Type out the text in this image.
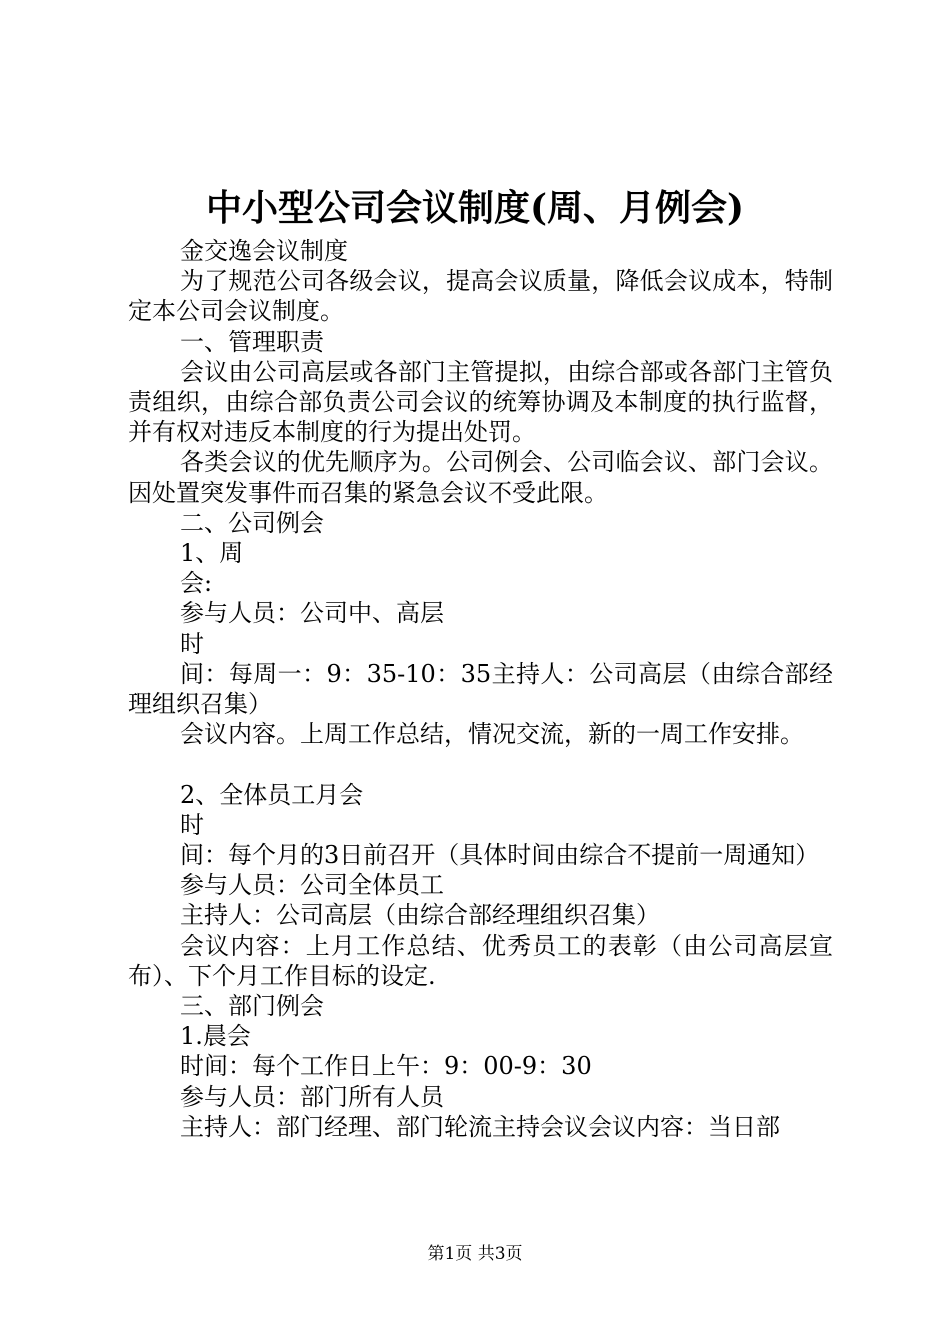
中小型公司会议制度(周、月例会)

金交逸会议制度

为了规范公司各级会议，提高会议质量，降低会议成本，特制定本公司会议制度。

一、管理职责

会议由公司高层或各部门主管提拟，由综合部或各部门主管负责组织，由综合部负责公司会议的统筹协调及本制度的执行监督，并有权对违反本制度的行为提出处罚。

各类会议的优先顺序为。公司例会、公司临会议、部门会议。因处置突发事件而召集的紧急会议不受此限。

二、公司例会

1、周

会:

参与人员：公司中、高层

时

间：每周一：9：35-10：35主持人：公司高层（由综合部经理组织召集）

会议内容。上周工作总结，情况交流，新的一周工作安排。

2、全体员工月会

时

间：每个月的3日前召开（具体时间由综合不提前一周通知）

参与人员：公司全体员工

主持人：公司高层（由综合部经理组织召集）

会议内容：上月工作总结、优秀员工的表彰（由公司高层宣布）、下个月工作目标的设定.

三、部门例会

1.晨会

时间：每个工作日上午：9：00-9：30

参与人员：部门所有人员

主持人：部门经理、部门轮流主持会议会议内容：当日部

第1页 共3页
